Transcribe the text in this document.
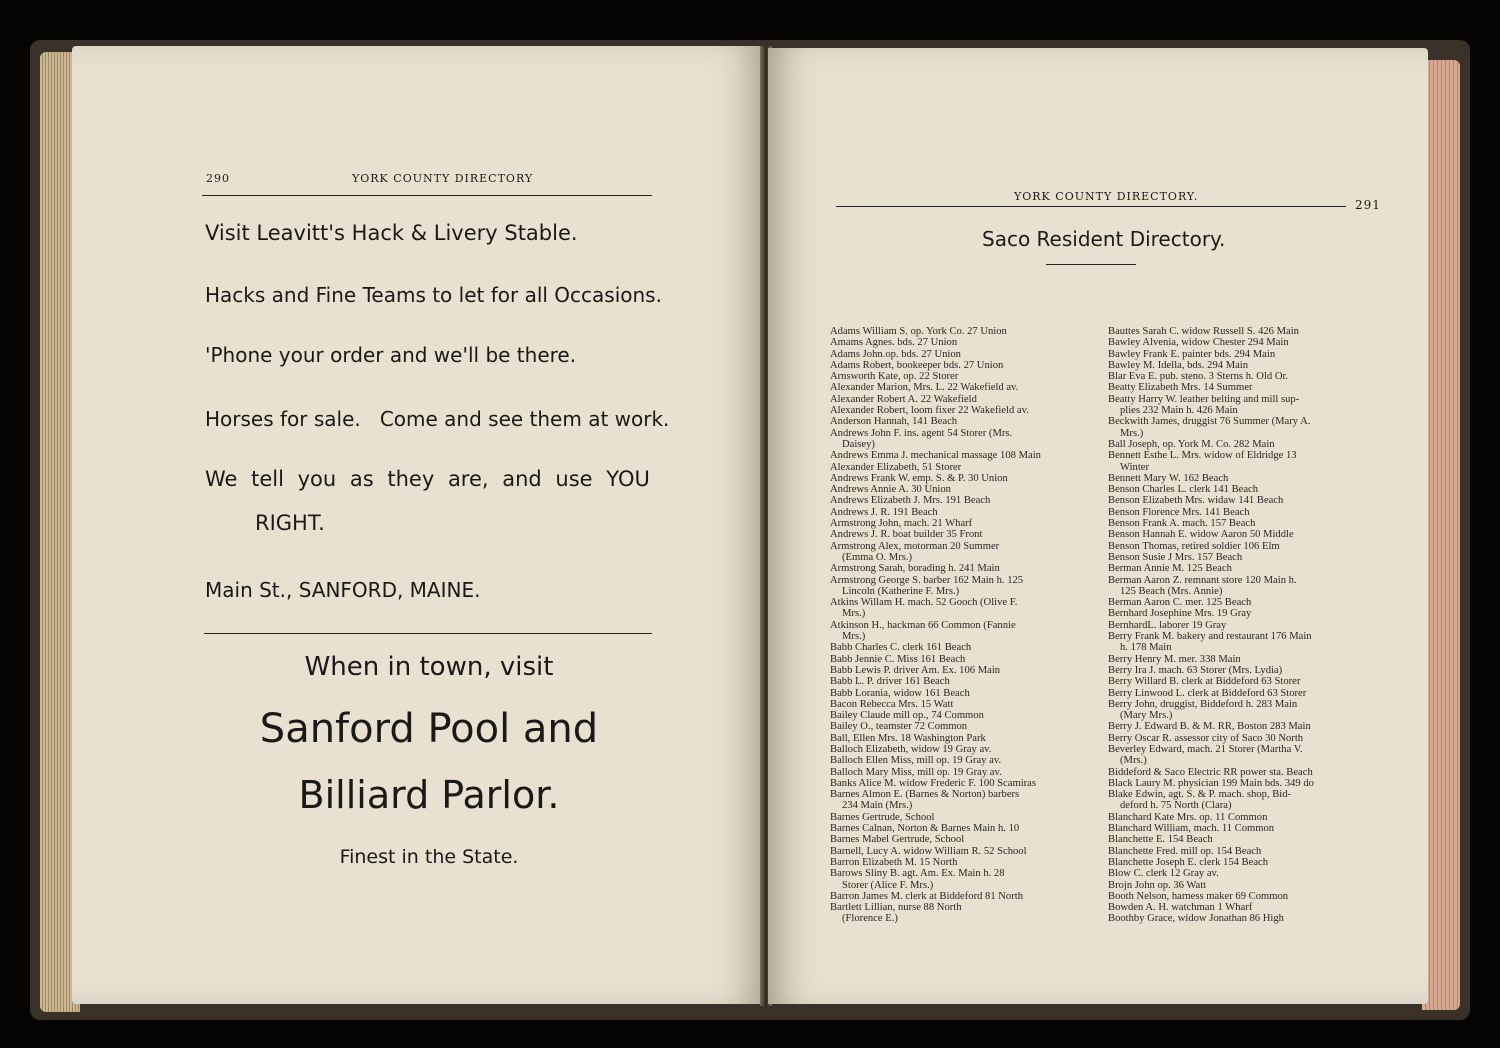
290	YORK COUNTY DIRECTORY

Visit Leavitt's Hack & Livery Stable.

Hacks and Fine Teams to let for all Occasions.

'Phone your order and we'll be there.

Horses for sale.   Come and see them at work.

We tell you as they are, and use YOU

RIGHT.

Main St., SANFORD, MAINE.

When in town, visit

Sanford Pool and

Billiard Parlor.

Finest in the State.

YORK COUNTY DIRECTORY.

291

Saco Resident Directory.

Adams William S. op. York Co. 27 Union
Amams Agnes. bds. 27 Union
Adams John.op. bds. 27 Union
Adams Robert, bookeeper bds. 27 Union
Arnsworth Kate, op. 22 Storer
Alexander Marion, Mrs. L. 22 Wakefield av.
Alexander Robert A. 22 Wakefield
Alexander Robert, loom fixer 22 Wakefield av.
Anderson Hannah, 141 Beach
Andrews John F. ins. agent 54 Storer (Mrs.
Daisey)
Andrews Emma J. mechanical massage 108 Main
Alexander Elizabeth, 51 Storer
Andrews Frank W. emp. S. & P. 30 Union
Andrews Annie A. 30 Union
Andrews Elizabeth J. Mrs. 191 Beach
Andrews J. R. 191 Beach
Armstrong John, mach. 21 Wharf
Andrews J. R. boat builder 35 Front
Armstrong Alex, motorman 20 Summer
(Emma O. Mrs.)
Armstrong Sarah, borading h. 241 Main
Armstrong George S. barber 162 Main h. 125
Lincoln (Katherine F. Mrs.)
Atkins Willam H. mach. 52 Gooch (Olive F.
Mrs.)
Atkinson H., hackman 66 Common (Fannie
Mrs.)
Babb Charles C. clerk 161 Beach
Babb Jennie C. Miss 161 Beach
Babb Lewis P. driver Am. Ex. 106 Main
Babb L. P. driver 161 Beach
Babb Lorania, widow 161 Beach
Bacon Rebecca Mrs. 15 Watt
Bailey Claude mill op., 74 Common
Bailey O., teamster 72 Common
Ball, Ellen Mrs. 18 Washington Park
Balloch Elizabeth, widow 19 Gray av.
Balloch Ellen Miss, mill op. 19 Gray av.
Balloch Mary Miss, mill op. 19 Gray av.
Banks Alice M. widow Frederic F. 100 Scamiras
Barnes Almon E. (Barnes & Norton) barbers
234 Main (Mrs.)
Barnes Gertrude, School
Barnes Calnan, Norton & Barnes Main h. 10
Barnes Mabel Gertrude, School
Barnell, Lucy A. widow William R. 52 School
Barron Elizabeth M. 15 North
Barows Sliny B. agt. Am. Ex. Main h. 28
Storer (Alice F. Mrs.)
Barron James M. clerk at Biddeford 81 North
Bartlett Lillian, nurse 88 North
(Florence E.)
Bauttes Sarah C. widow Russell S. 426 Main
Bawley Alvenia, widow Chester 294 Main
Bawley Frank E. painter bds. 294 Main
Bawley M. Idella, bds. 294 Main
Blar Eva E. pub. steno. 3 Sterns h. Old Or.
Beatty Elizabeth Mrs. 14 Summer
Beatty Harry W. leather belting and mill sup-
plies 232 Main h. 426 Main
Beckwith James, druggist 76 Summer (Mary A.
Mrs.)
Ball Joseph, op. York M. Co. 282 Main
Bennett Esthe L. Mrs. widow of Eldridge 13
Winter
Bennett Mary W. 162 Beach
Benson Charles L. clerk 141 Beach
Benson Elizabeth Mrs. widaw 141 Beach
Benson Florence Mrs. 141 Beach
Benson Frank A. mach. 157 Beach
Benson Hannah E. widow Aaron 50 Middle
Benson Thomas, retired soldier 106 Elm
Benson Susie J Mrs. 157 Beach
Berman Annie M. 125 Beach
Berman Aaron Z. remnant store 120 Main h.
125 Beach (Mrs. Annie)
Berman Aaron C. mer. 125 Beach
Bernhard Josephine Mrs. 19 Gray
BernhardL. laborer 19 Gray
Berry Frank M. bakery and restaurant 176 Main
h. 178 Main
Berry Henry M. mer. 338 Main
Berry Ira J. mach. 63 Storer (Mrs. Lydia)
Berry Willard B. clerk at Biddeford 63 Storer
Berry Linwood L. clerk at Biddeford 63 Storer
Berry John, druggist, Biddeford h. 283 Main
(Mary Mrs.)
Berry J. Edward B. & M. RR, Boston 283 Main
Berry Oscar R. assessor city of Saco 30 North
Beverley Edward, mach. 21 Storer (Martha V.
(Mrs.)
Biddeford & Saco Electric RR power sta. Beach
Black Laury M. physician 199 Main bds. 349 do
Blake Edwin, agt. S. & P. mach. shop, Bid-
deford h. 75 North (Clara)
Blanchard Kate Mrs. op. 11 Common
Blanchard William, mach. 11 Common
Blanchette E. 154 Beach
Blanchette Fred. mill op. 154 Beach
Blanchette Joseph E. clerk 154 Beach
Blow C. clerk 12 Gray av.
Brojn John op. 36 Watt
Booth Nelson, harness maker 69 Common
Bowden A. H. watchman 1 Wharf
Boothby Grace, widow Jonathan 86 High
